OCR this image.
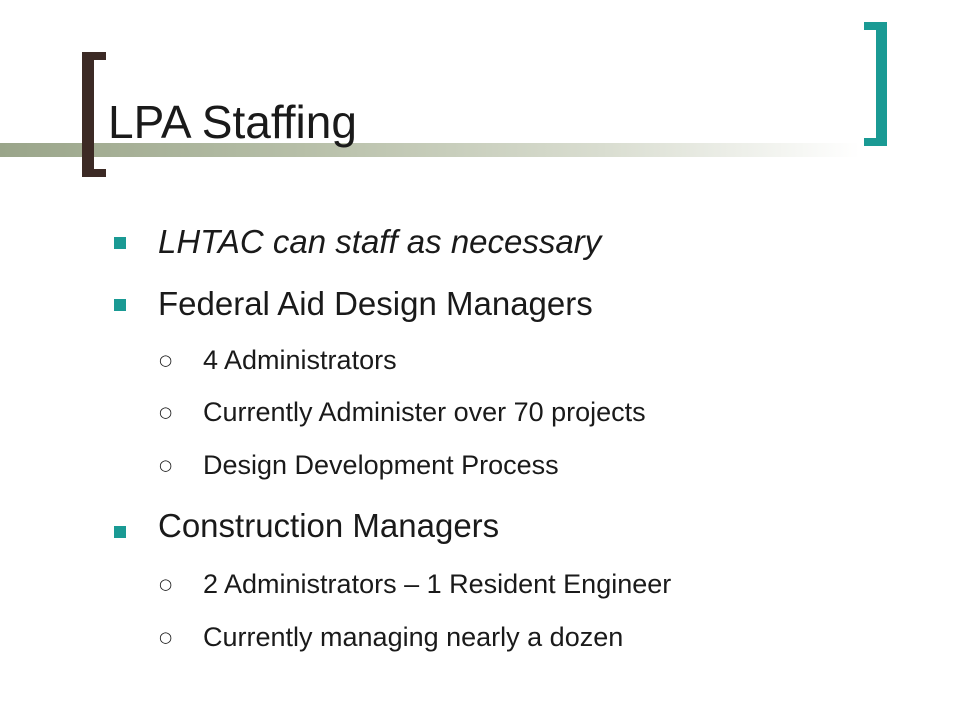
LPA Staffing
LHTAC can staff as necessary
Federal Aid Design Managers
○ 4 Administrators
○ Currently Administer over 70 projects
○ Design Development Process
Construction Managers
○ 2 Administrators – 1 Resident Engineer
○ Currently managing nearly a dozen
